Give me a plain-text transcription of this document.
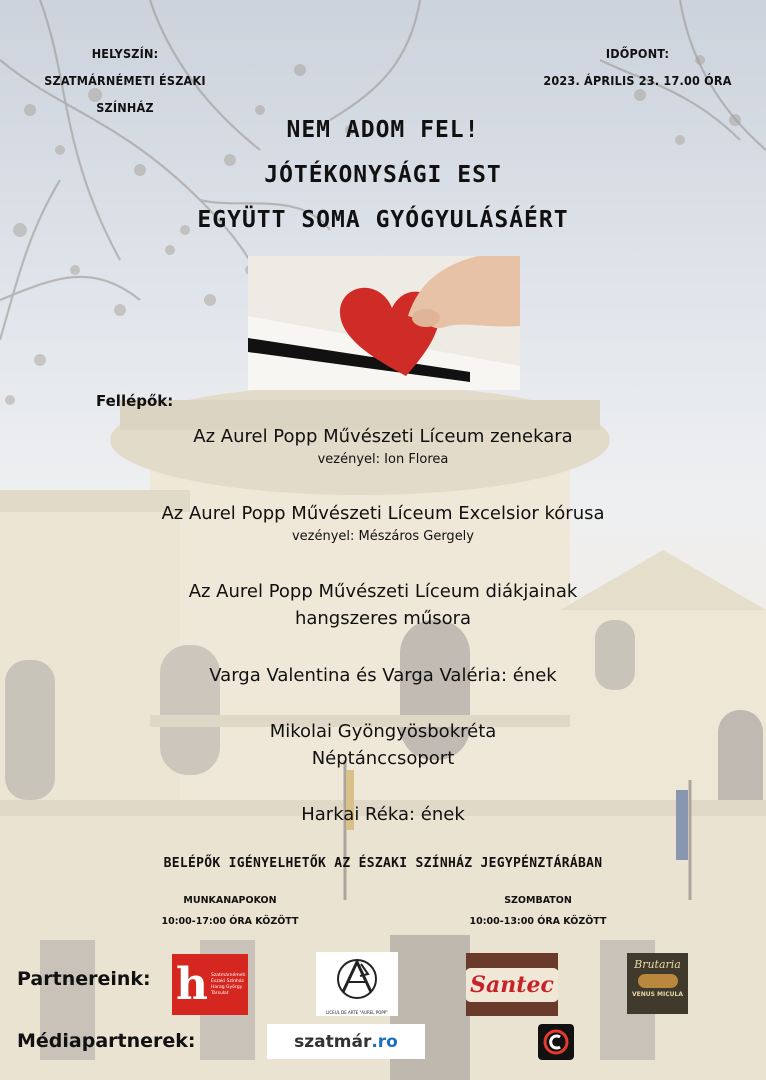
HELYSZÍN:
SZATMÁRNÉMETI ÉSZAKI SZÍNHÁZ
IDŐPONT:
2023. ÁPRILIS 23. 17.00 ÓRA
NEM ADOM FEL!
JÓTÉKONYSÁGI EST
EGYÜTT SOMA GYÓGYULÁSÁÉRT
Fellépők:
Az Aurel Popp Művészeti Líceum zenekara
vezényel: Ion Florea
Az Aurel Popp Művészeti Líceum Excelsior kórusa
vezényel: Mészáros Gergely
Az Aurel Popp Művészeti Líceum diákjainak
hangszeres műsora
Varga Valentina és Varga Valéria: ének
Mikolai Gyöngyösbokréta
Néptánccsoport
Harkai Réka: ének
BELÉPŐK IGÉNYELHETŐK AZ ÉSZAKI SZÍNHÁZ JEGYPÉNZTÁRÁBAN
MUNKANAPOKON
10:00-17:00 ÓRA KÖZÖTT
SZOMBATON
10:00-13:00 ÓRA KÖZÖTT
Partnereink: h Szatmárnémeti
Északi Színház
Harag György
Társulat
LICEUL DE ARTE "AUREL POPP"
Santec
Brutaria
VENUS MICULA
Médiapartnerek:	szatmár .ro
